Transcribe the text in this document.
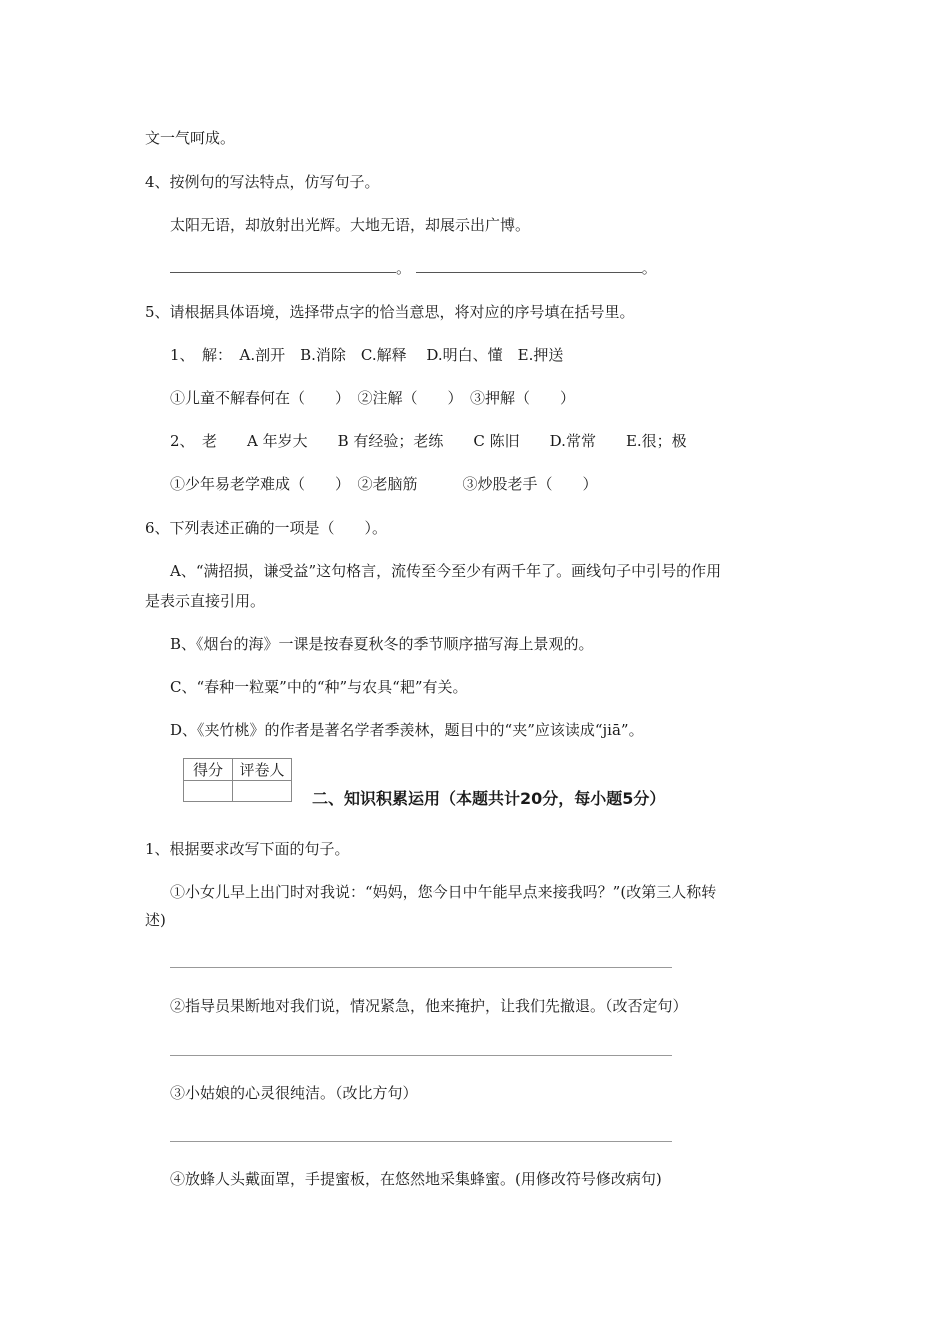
文一气呵成。
4、按例句的写法特点，仿写句子。
太阳无语，却放射出光辉。大地无语，却展示出广博。
。	。
5、请根据具体语境，选择带点字的恰当意思，将对应的序号填在括号里。
1、　解：　A.剖开　B.消除　C.解释　 D.明白、懂　E.押送
①儿童不解春何在（　　）　②注解（　　）　③押解（　　）
2、　老　　A 年岁大　　B 有经验；老练　　C 陈旧　　D.常常　　E.很；极
①少年易老学难成（　　）　②老脑筋　　　③炒股老手（　　）
6、下列表述正确的一项是（　　）。
A、“满招损，谦受益”这句格言，流传至今至少有两千年了。画线句子中引号的作用
是表示直接引用。
B、《烟台的海》一课是按春夏秋冬的季节顺序描写海上景观的。
C、“春种一粒粟”中的“种”与农具“耙”有关。
D、《夹竹桃》的作者是著名学者季羡林，题目中的“夹”应该读成“jiā”。
得分	评卷人

二、知识积累运用（本题共计20分，每小题5分）
1、根据要求改写下面的句子。
①小女儿早上出门时对我说：“妈妈，您今日中午能早点来接我吗？”(改第三人称转
述)
②指导员果断地对我们说，情况紧急，他来掩护，让我们先撤退。（改否定句）
③小姑娘的心灵很纯洁。（改比方句）
④放蜂人头戴面罩，手提蜜板，在悠然地采集蜂蜜。(用修改符号修改病句)
